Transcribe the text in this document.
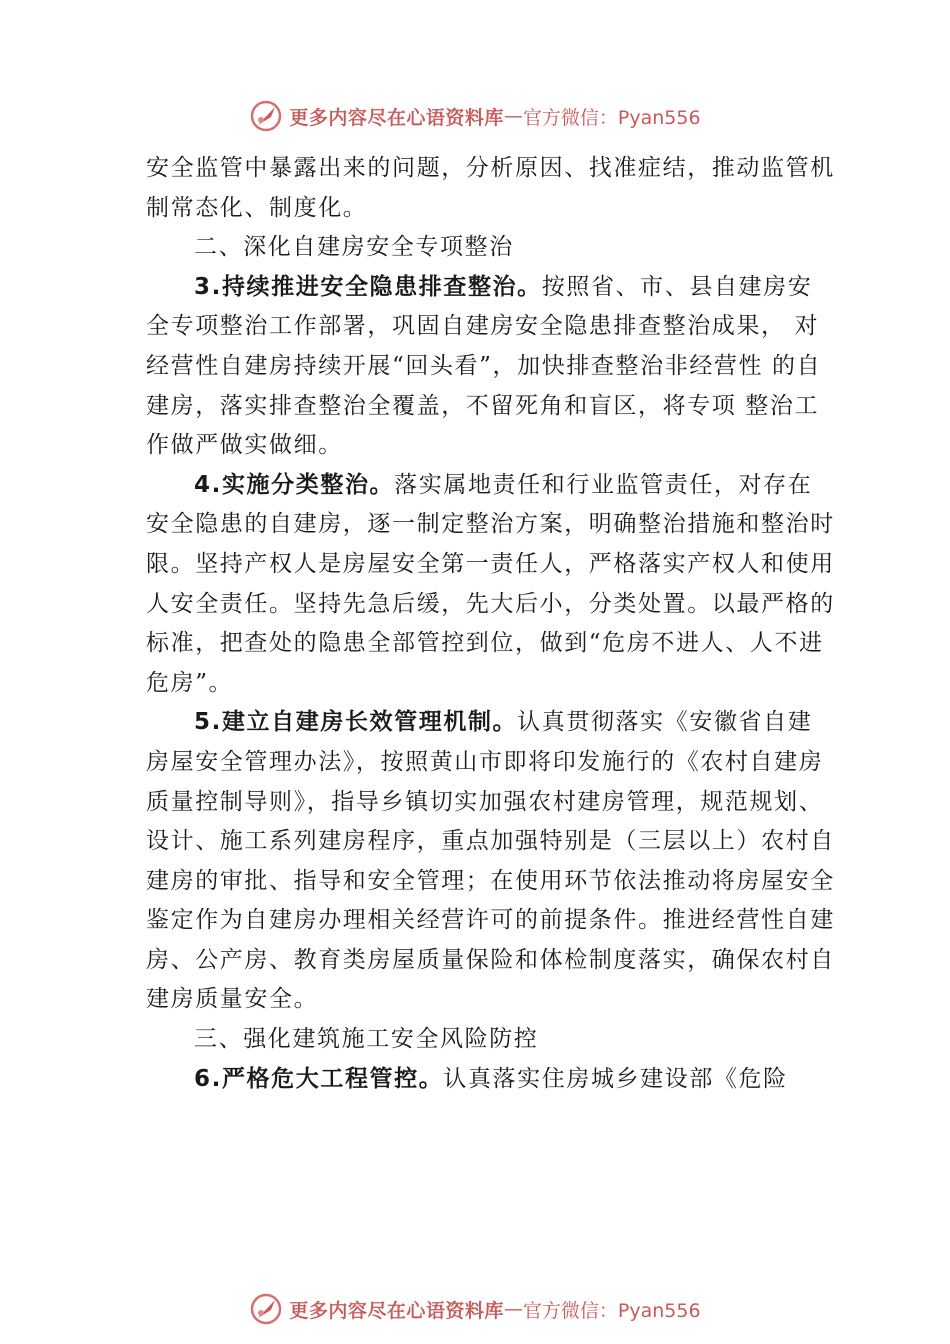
更多内容尽在心语资料库 — 官方微信：Pyan556

安全监管中暴露出来的问题，分析原因、找准症结，推动监管机制常态化、制度化。

二、深化自建房安全专项整治

3.持续推进安全隐患排查整治。按照省、市、县自建房安全专项整治工作部署，巩固自建房安全隐患排查整治成果， 对经营性自建房持续开展“回头看”，加快排查整治非经营性 的自建房，落实排查整治全覆盖，不留死角和盲区，将专项 整治工作做严做实做细。

4.实施分类整治。落实属地责任和行业监管责任，对存在安全隐患的自建房，逐一制定整治方案，明确整治措施和整治时限。坚持产权人是房屋安全第一责任人，严格落实产权人和使用人安全责任。坚持先急后缓，先大后小，分类处置。以最严格的标准，把查处的隐患全部管控到位，做到“危房不进人、人不进危房”。

5.建立自建房长效管理机制。认真贯彻落实《安徽省自建房屋安全管理办法》，按照黄山市即将印发施行的《农村自建房质量控制导则》，指导乡镇切实加强农村建房管理，规范规划、设计、施工系列建房程序，重点加强特别是（三层以上）农村自建房的审批、指导和安全管理；在使用环节依法推动将房屋安全鉴定作为自建房办理相关经营许可的前提条件。推进经营性自建房、公产房、教育类房屋质量保险和体检制度落实，确保农村自建房质量安全。

三、强化建筑施工安全风险防控

6.严格危大工程管控。认真落实住房城乡建设部《危险

更多内容尽在心语资料库 — 官方微信：Pyan556
